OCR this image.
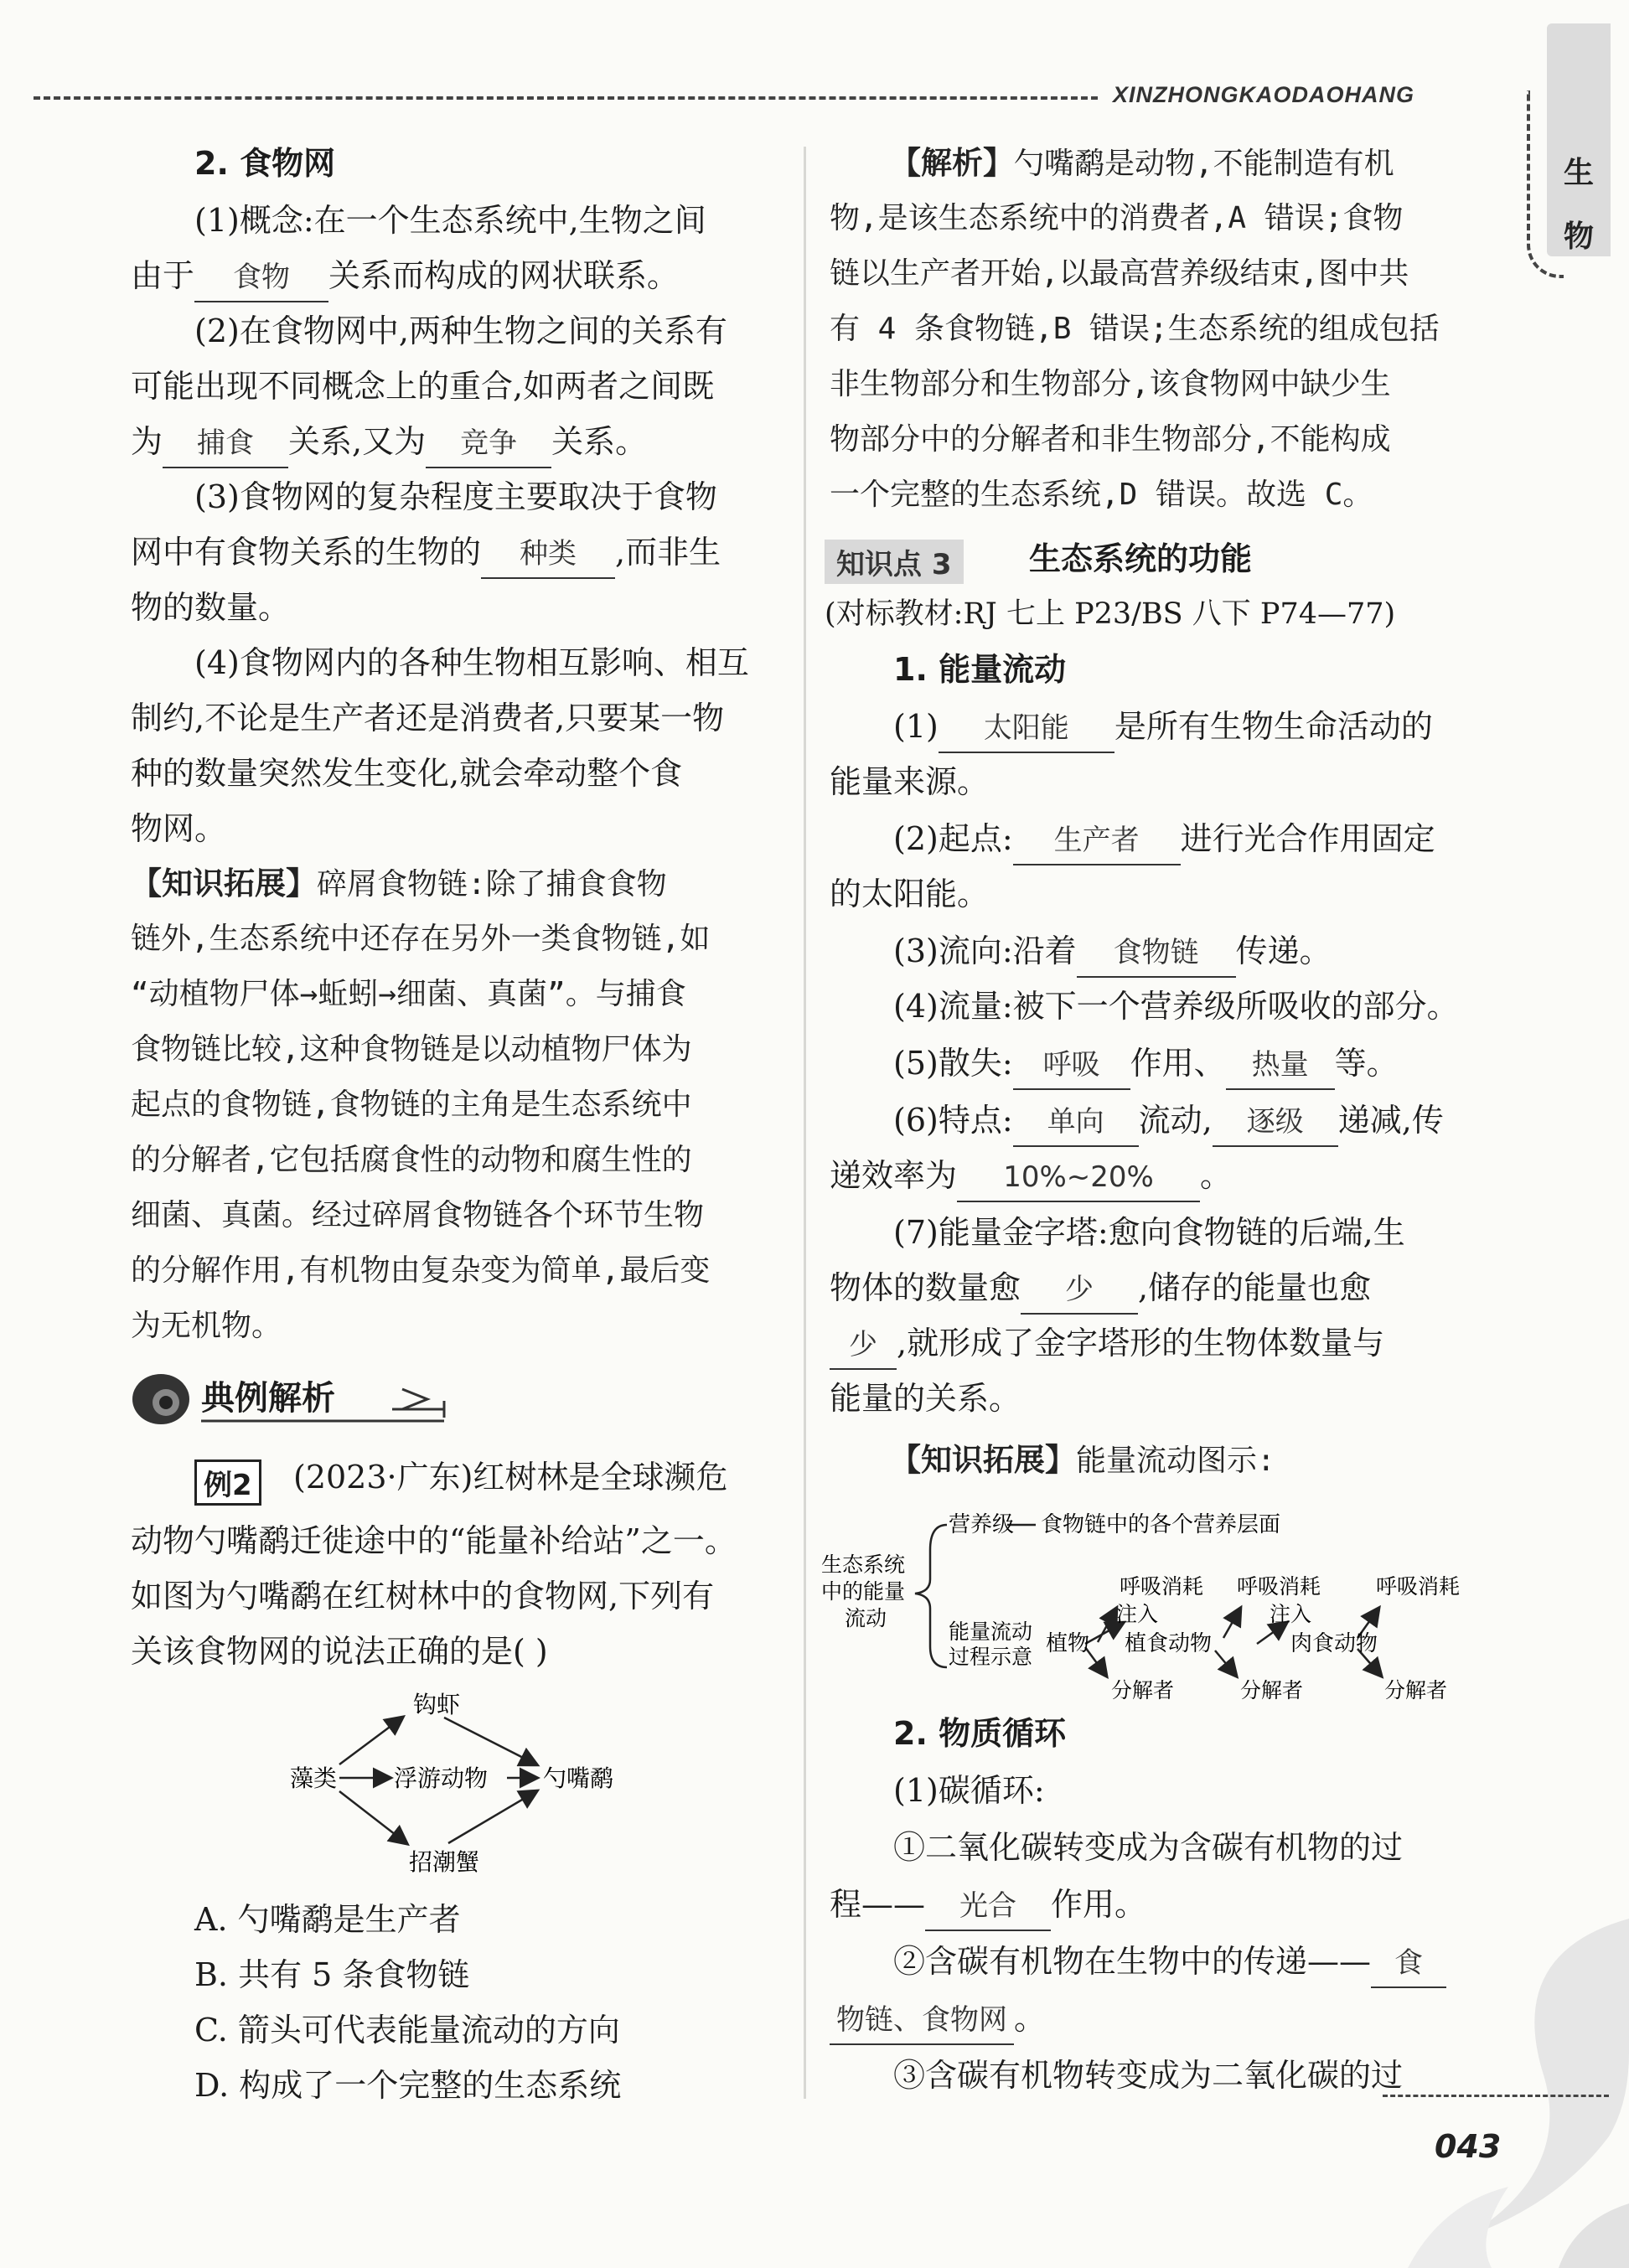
XINZHONGKAODAOHANG
生
物
2. 食物网
(1)概念:在一个生态系统中,生物之间
由于 食物 关系而构成的网状联系。
(2)在食物网中,两种生物之间的关系有
可能出现不同概念上的重合,如两者之间既
为 捕食 关系,又为 竞争 关系。
(3)食物网的复杂程度主要取决于食物
网中有食物关系的生物的 种类 ,而非生
物的数量。
(4)食物网内的各种生物相互影响、相互
制约,不论是生产者还是消费者,只要某一物
种的数量突然发生变化,就会牵动整个食
物网。
【知识拓展】碎屑食物链:除了捕食食物
链外,生态系统中还存在另外一类食物链,如
“动植物尸体→蚯蚓→细菌、真菌”。与捕食
食物链比较,这种食物链是以动植物尸体为
起点的食物链,食物链的主角是生态系统中
的分解者,它包括腐食性的动物和腐生性的
细菌、真菌。经过碎屑食物链各个环节生物
的分解作用,有机物由复杂变为简单,最后变
为无机物。
典例解析
例2 (2023·广东)红树林是全球濒危
动物勺嘴鹬迁徙途中的“能量补给站”之一。
如图为勺嘴鹬在红树林中的食物网,下列有
关该食物网的说法正确的是( )
钩虾
藻类 浮游动物 勺嘴鹬
招潮蟹
A. 勺嘴鹬是生产者
B. 共有 5 条食物链
C. 箭头可代表能量流动的方向
D. 构成了一个完整的生态系统
【解析】勺嘴鹬是动物,不能制造有机
物,是该生态系统中的消费者,A 错误;食物
链以生产者开始,以最高营养级结束,图中共
有 4 条食物链,B 错误;生态系统的组成包括
非生物部分和生物部分,该食物网中缺少生
物部分中的分解者和非生物部分,不能构成
一个完整的生态系统,D 错误。故选 C。
知识点 3	生态系统的功能
(对标教材:RJ 七上 P23/BS 八下 P74—77)
1. 能量流动
(1) 太阳能 是所有生物生命活动的
能量来源。
(2)起点: 生产者 进行光合作用固定
的太阳能。
(3)流向:沿着 食物链 传递。
(4)流量:被下一个营养级所吸收的部分。
(5)散失: 呼吸 作用、 热量 等。
(6)特点: 单向 流动, 逐级 递减,传
递效率为 10%~20% 。
(7)能量金字塔:愈向食物链的后端,生
物体的数量愈 少 ,储存的能量也愈
少 ,就形成了金字塔形的生物体数量与
能量的关系。
【知识拓展】能量流动图示:
生态系统中的能量流动
营养级 食物链中的各个营养层面
能量流动过程示意
植物 植食动物	肉食动物
注入	注入
呼吸消耗 呼吸消耗	呼吸消耗
分解者	分解者	分解者
2. 物质循环
(1)碳循环:
①二氧化碳转变成为含碳有机物的过
程—— 光合 作用。
②含碳有机物在生物中的传递—— 食
物链、食物网 。
③含碳有机物转变成为二氧化碳的过
043
